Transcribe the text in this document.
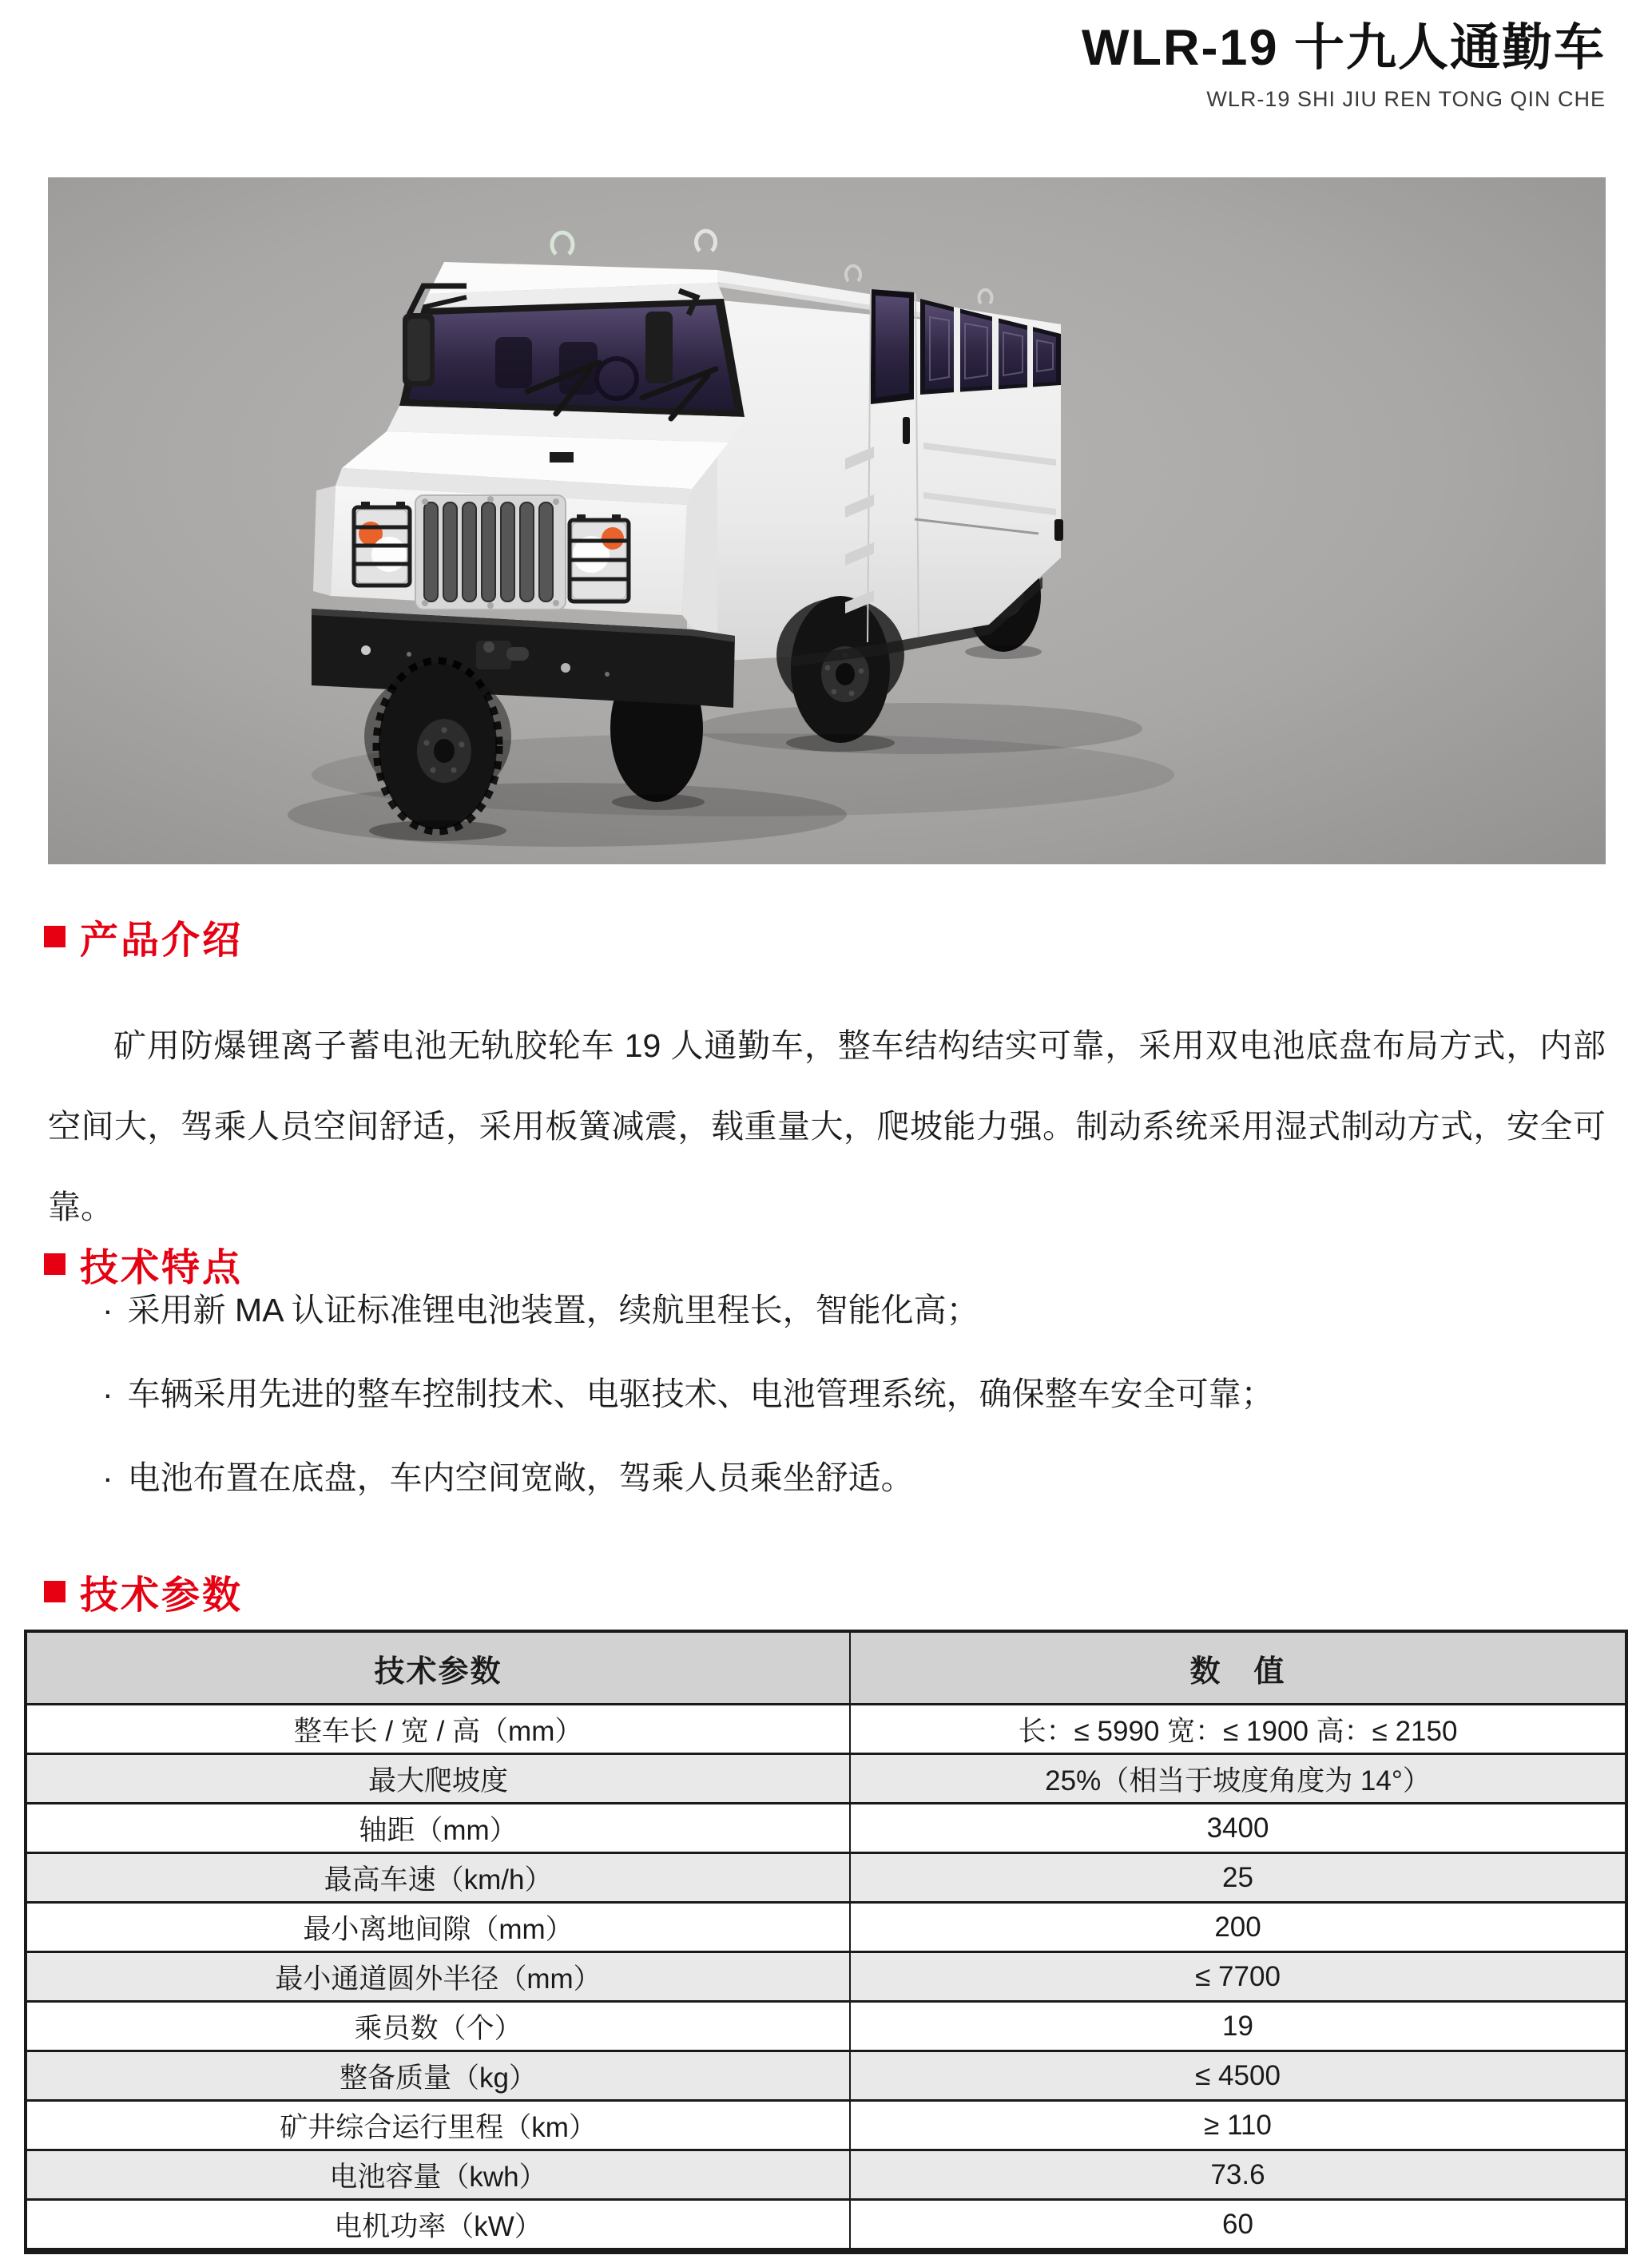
WLR-19 十九人通勤车
WLR-19 SHI JIU REN TONG QIN CHE
产品介绍

矿用防爆锂离子蓄电池无轨胶轮车 19 人通勤车，整车结构结实可靠，采用双电池底盘布局方式，内部空间大，驾乘人员空间舒适，采用板簧减震，载重量大，爬坡能力强。制动系统采用湿式制动方式，安全可靠。

技术特点
· 采用新 MA 认证标准锂电池装置，续航里程长，智能化高；
· 车辆采用先进的整车控制技术、电驱技术、电池管理系统，确保整车安全可靠；
· 电池布置在底盘，车内空间宽敞，驾乘人员乘坐舒适。
技术参数
技术参数	数　值
整车长 / 宽 / 高（mm）	长：≤ 5990 宽：≤ 1900 高：≤ 2150
最大爬坡度	25%（相当于坡度角度为 14°）
轴距（mm）	3400
最高车速（km/h）	25
最小离地间隙（mm）	200
最小通道圆外半径（mm）	≤ 7700
乘员数（个）	19
整备质量（kg）	≤ 4500
矿井综合运行里程（km）	≥ 110
电池容量（kwh）	73.6
电机功率（kW）	60
